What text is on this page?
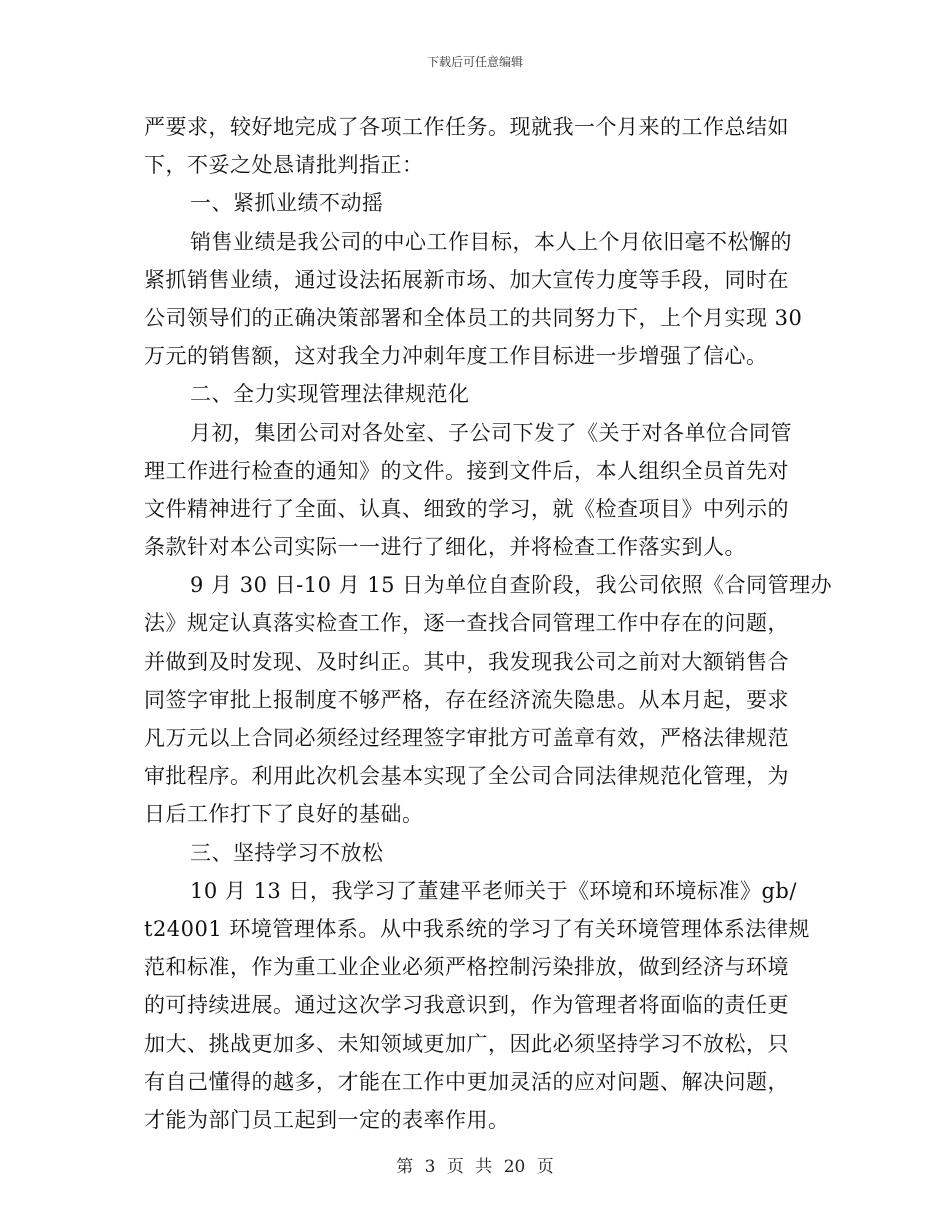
下载后可任意编辑
严要求，较好地完成了各项工作任务。现就我一个月来的工作总结如
下，不妥之处恳请批判指正：
一、紧抓业绩不动摇
销售业绩是我公司的中心工作目标，本人上个月依旧毫不松懈的
紧抓销售业绩，通过设法拓展新市场、加大宣传力度等手段，同时在
公司领导们的正确决策部署和全体员工的共同努力下，上个月实现 30
万元的销售额，这对我全力冲刺年度工作目标进一步增强了信心。
二、全力实现管理法律规范化
月初，集团公司对各处室、子公司下发了《关于对各单位合同管
理工作进行检查的通知》的文件。接到文件后，本人组织全员首先对
文件精神进行了全面、认真、细致的学习，就《检查项目》中列示的
条款针对本公司实际一一进行了细化，并将检查工作落实到人。
9 月 30 日-10 月 15 日为单位自查阶段，我公司依照《合同管理办
法》规定认真落实检查工作，逐一查找合同管理工作中存在的问题，
并做到及时发现、及时纠正。其中，我发现我公司之前对大额销售合
同签字审批上报制度不够严格，存在经济流失隐患。从本月起，要求
凡万元以上合同必须经过经理签字审批方可盖章有效，严格法律规范
审批程序。利用此次机会基本实现了全公司合同法律规范化管理，为
日后工作打下了良好的基础。
三、坚持学习不放松
10 月 13 日，我学习了董建平老师关于《环境和环境标准》gb/
t24001 环境管理体系。从中我系统的学习了有关环境管理体系法律规
范和标准，作为重工业企业必须严格控制污染排放，做到经济与环境
的可持续进展。通过这次学习我意识到，作为管理者将面临的责任更
加大、挑战更加多、未知领域更加广，因此必须坚持学习不放松，只
有自己懂得的越多，才能在工作中更加灵活的应对问题、解决问题，
才能为部门员工起到一定的表率作用。
第 3 页 共 20 页
